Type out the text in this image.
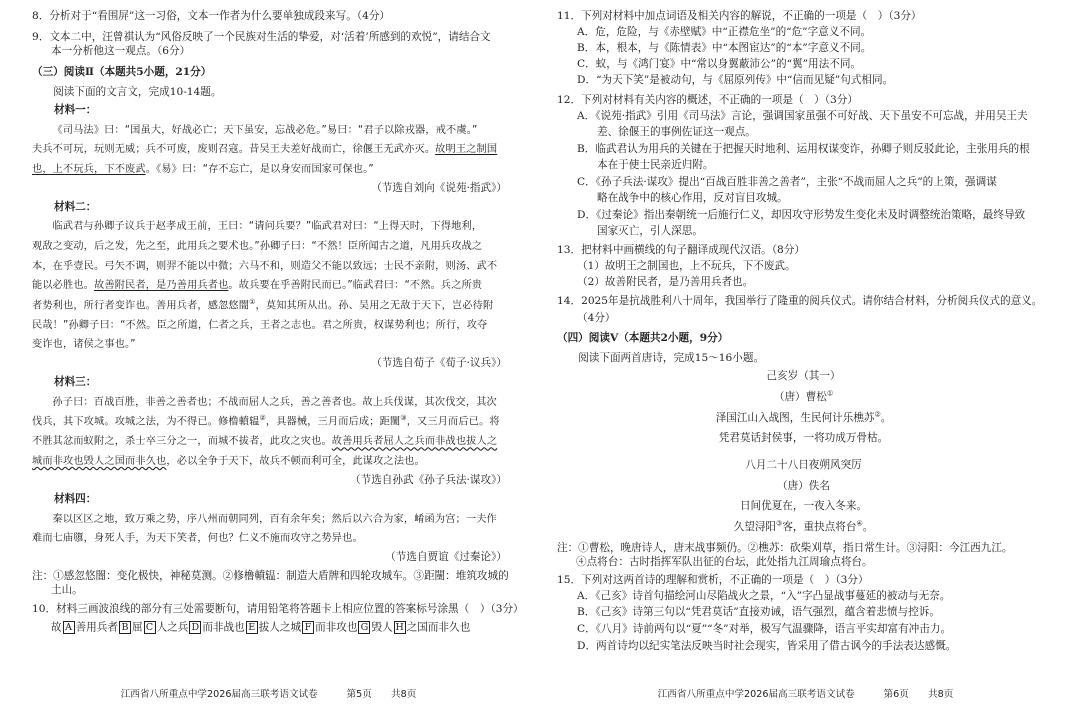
8．分析对于“看围屏”这一习俗，文本一作者为什么要单独成段来写。（4分）

9．文本二中，汪曾祺认为“风俗反映了一个民族对生活的挚爱，对‘活着’所感到的欢悦”，请结合文

本一分析他这一观点。（6分）

（三）阅读Ⅱ（本题共5小题，21分）

阅读下面的文言文，完成10-14题。

材料一：

《司马法》曰：“国虽大，好战必亡；天下虽安，忘战必危。”易曰：“君子以除戎器，戒不虞。”

夫兵不可玩，玩则无威；兵不可废，废则召寇。昔吴王夫差好战而亡，徐偃王无武亦灭。故明王之制国

也，上不玩兵，下不废武。《易》曰：“存不忘亡，是以身安而国家可保也。”

（节选自刘向《说苑·指武》）

材料二：

临武君与孙卿子议兵于赵孝成王前，王曰：“请问兵要？”临武君对曰：“上得天时，下得地利，

观敌之变动，后之发，先之至，此用兵之要术也。”孙卿子曰：“不然！臣所闻古之道，凡用兵攻战之

本，在乎壹民。弓矢不调，则羿不能以中微；六马不和，则造父不能以致远；士民不亲附，则汤、武不

能以必胜也。故善附民者，是乃善用兵者也。故兵要在乎善附民而已。”临武君曰：“不然。兵之所贵

者势利也，所行者变诈也。善用兵者，感忽悠闇①，莫知其所从出。孙、吴用之无敌于天下，岂必待附

民哉！”孙卿子曰：“不然。臣之所道，仁者之兵，王者之志也。君之所贵，权谋势利也；所行，攻夺

变诈也，诸侯之事也。”

（节选自荀子《荀子·议兵》）

材料三：

孙子曰：百战百胜，非善之善者也；不战而屈人之兵，善之善者也。故上兵伐谋，其次伐交，其次

伐兵，其下攻城。攻城之法，为不得已。修橹轒辒②，具器械，三月而后成；距闉③，又三月而后已。将

不胜其忿而蚁附之，杀士卒三分之一，而城不拔者，此攻之灾也。故善用兵者屈人之兵而非战也拔人之

城而非攻也毁人之国而非久也，必以全争于天下，故兵不顿而利可全，此谋攻之法也。

（节选自孙武《孙子兵法·谋攻》）

材料四：

秦以区区之地，致万乘之势，序八州而朝同列，百有余年矣；然后以六合为家，崤函为宫；一夫作

难而七庙隳，身死人手，为天下笑者，何也？仁义不施而攻守之势异也。

（节选自贾谊《过秦论》）

注：①感忽悠闇：变化极快，神秘莫测。②修橹轒辒：制造大盾牌和四轮攻城车。③距闉：堆筑攻城的

土山。

10．材料三画波浪线的部分有三处需要断句，请用铅笔将答题卡上相应位置的答案标号涂黑（　）（3分）

故 A 善用兵者 B 屈 C 人之兵 D 而非战也 E 拔人之城 F 而非攻也 G 毁人 H 之国而非久也

江西省八所重点中学2026届高三联考语文试卷　　　第5页　　共8页

11．下列对材料中加点词语及相关内容的解说，不正确的一项是（　）（3分）

A．危，危险，与《赤壁赋》中“正襟危坐”的“危”字意义不同。

B．本，根本，与《陈情表》中“本图宦达”的“本”字意义不同。

C．蚁，与《鸿门宴》中“常以身翼蔽沛公”的“翼”用法不同。

D．“为天下笑”是被动句，与《屈原列传》中“信而见疑”句式相同。

12．下列对材料有关内容的概述，不正确的一项是（　）（3分）

A．《说苑·指武》引用《司马法》言论，强调国家虽强不可好战、天下虽安不可忘战，并用吴王夫

差、徐偃王的事例佐证这一观点。

B．临武君认为用兵的关键在于把握天时地利、运用权谋变诈，孙卿子则反驳此论，主张用兵的根

本在于使士民亲近归附。

C．《孙子兵法·谋攻》提出“百战百胜非善之善者”，主张“不战而屈人之兵”的上策，强调谋

略在战争中的核心作用，反对盲目攻城。

D．《过秦论》指出秦朝统一后施行仁义，却因攻守形势发生变化未及时调整统治策略，最终导致

国家灭亡，引人深思。

13．把材料中画横线的句子翻译成现代汉语。（8分）

（1）故明王之制国也，上不玩兵，下不废武。

（2）故善附民者，是乃善用兵者也。

14．2025年是抗战胜利八十周年，我国举行了隆重的阅兵仪式。请你结合材料，分析阅兵仪式的意义。

（4分）

（四）阅读Ⅴ（本题共2小题，9分）

阅读下面两首唐诗，完成15～16小题。

己亥岁（其一）

（唐）曹松①

泽国江山入战图，生民何计乐樵苏②。

凭君莫话封侯事，一将功成万骨枯。

八月二十八日夜朔风突厉

（唐）佚名

日间优夏在，一夜入冬来。

久望浔阳③客，重抉点将台④。

注：①曹松，晚唐诗人，唐末战事频仍。②樵苏：砍柴刈草，指日常生计。③浔阳：今江西九江。

④点将台：古时指挥军队出征的台坛，此处指九江周瑜点将台。

15．下列对这两首诗的理解和赏析，不正确的一项是（　）（3分）

A．《己亥》诗首句描绘河山尽陷战火之景，“入”字凸显战事蔓延的被动与无奈。

B．《己亥》诗第三句以“凭君莫话”直接劝诫，语气强烈，蕴含着悲愤与控诉。

C．《八月》诗前两句以“夏”“冬”对举，极写气温骤降，语言平实却富有冲击力。

D．两首诗均以纪实笔法反映当时社会现实，皆采用了借古讽今的手法表达感慨。

江西省八所重点中学2026届高三联考语文试卷　　　第6页　　共8页
